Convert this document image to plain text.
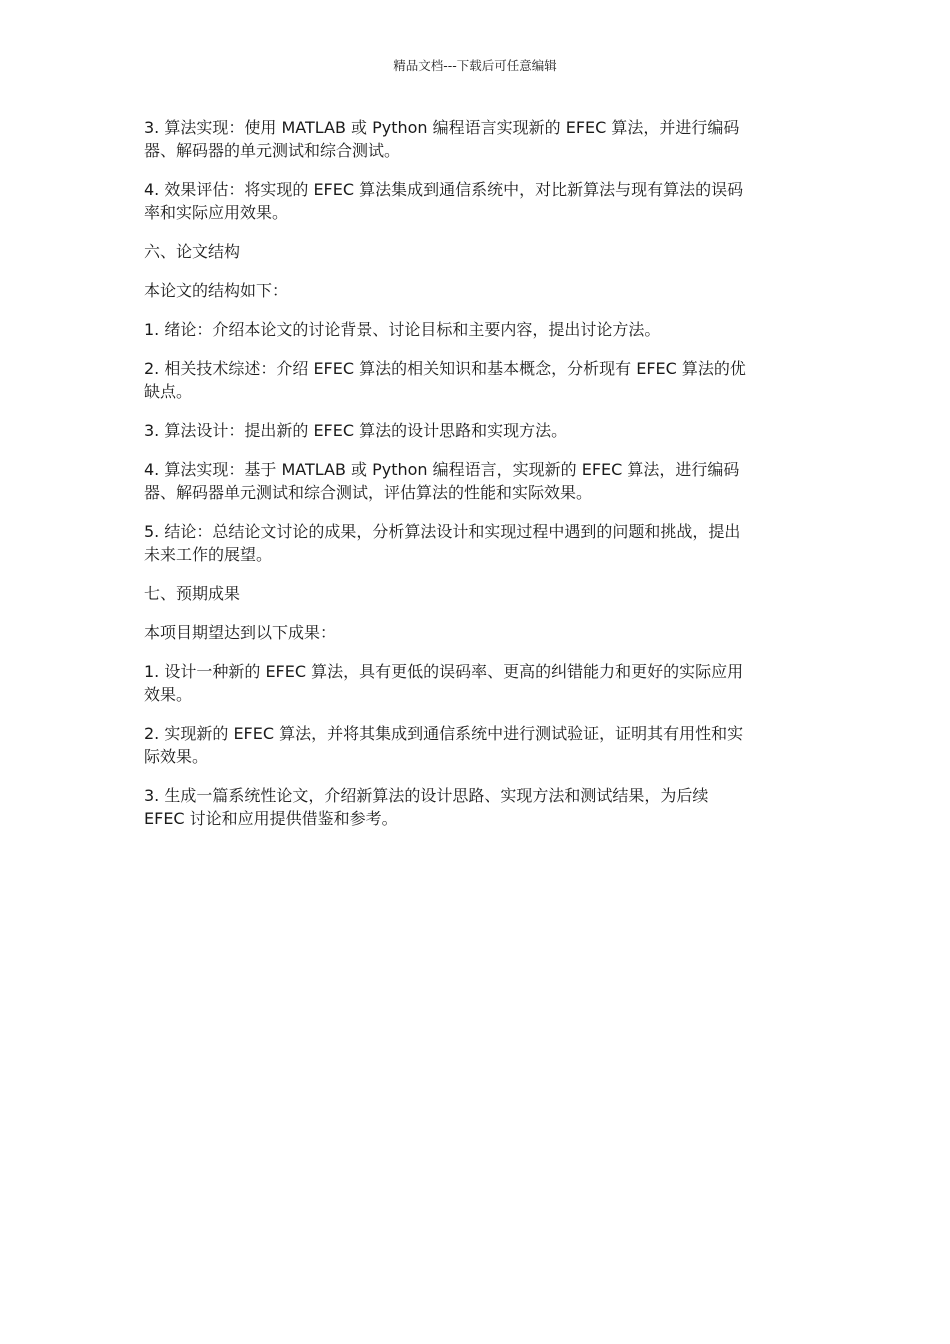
精品文档---下载后可任意编辑
3. 算法实现：使用 MATLAB 或 Python 编程语言实现新的 EFEC 算法，并进行编码
器、解码器的单元测试和综合测试。
4. 效果评估：将实现的 EFEC 算法集成到通信系统中，对比新算法与现有算法的误码
率和实际应用效果。
六、论文结构
本论文的结构如下：
1. 绪论：介绍本论文的讨论背景、讨论目标和主要内容，提出讨论方法。
2. 相关技术综述：介绍 EFEC 算法的相关知识和基本概念，分析现有 EFEC 算法的优
缺点。
3. 算法设计：提出新的 EFEC 算法的设计思路和实现方法。
4. 算法实现：基于 MATLAB 或 Python 编程语言，实现新的 EFEC 算法，进行编码
器、解码器单元测试和综合测试，评估算法的性能和实际效果。
5. 结论：总结论文讨论的成果，分析算法设计和实现过程中遇到的问题和挑战，提出
未来工作的展望。
七、预期成果
本项目期望达到以下成果：
1. 设计一种新的 EFEC 算法，具有更低的误码率、更高的纠错能力和更好的实际应用
效果。
2. 实现新的 EFEC 算法，并将其集成到通信系统中进行测试验证，证明其有用性和实
际效果。
3. 生成一篇系统性论文，介绍新算法的设计思路、实现方法和测试结果，为后续
EFEC 讨论和应用提供借鉴和参考。
